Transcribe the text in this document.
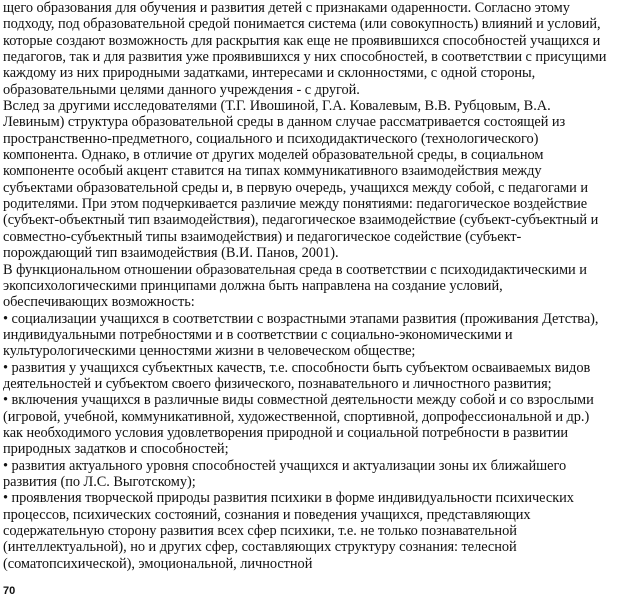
щего образования для обучения и развития детей с признаками одаренности. Согласно этому
подходу, под образовательной средой понимается система (или совокупность) влияний и условий,
которые создают возможность для раскрытия как еще не проявившихся способностей учащихся и
педагогов, так и для развития уже проявившихся у них способностей, в соответствии с присущими
каждому из них природными задатками, интересами и склонностями, с одной стороны,
образовательными целями данного учреждения - с другой.
Вслед за другими исследователями (Т.Г. Ивошиной, Г.А. Ковалевым, В.В. Рубцовым, В.А.
Левиным) структура образовательной среды в данном случае рассматривается состоящей из
пространственно-предметного, социального и психодидактического (технологического)
компонента. Однако, в отличие от других моделей образовательной среды, в социальном
компоненте особый акцент ставится на типах коммуникативного взаимодействия между
субъектами образовательной среды и, в первую очередь, учащихся между собой, с педагогами и
родителями. При этом подчеркивается различие между понятиями: педагогическое воздействие
(субъект-объектный тип взаимодействия), педагогическое взаимодействие (субъект-субъектный и
совместно-субъектный типы взаимодействия) и педагогическое содействие (субъект-
порождающий тип взаимодействия (В.И. Панов, 2001).
В функциональном отношении образовательная среда в соответствии с психодидактическими и
экопсихологическими принципами должна быть направлена на создание условий,
обеспечивающих возможность:
• социализации учащихся в соответствии с возрастными этапами развития (проживания Детства),
индивидуальными потребностями и в соответствии с социально-экономическими и
культурологическими ценностями жизни в человеческом обществе;
• развития у учащихся субъектных качеств, т.е. способности быть субъектом осваиваемых видов
деятельностей и субъектом своего физического, познавательного и личностного развития;
• включения учащихся в различные виды совместной деятельности между собой и со взрослыми
(игровой, учебной, коммуникативной, художественной, спортивной, допрофессиональной и др.)
как необходимого условия удовлетворения природной и социальной потребности в развитии
природных задатков и способностей;
• развития актуального уровня способностей учащихся и актуализации зоны их ближайшего
развития (по Л.С. Выготскому);
• проявления творческой природы развития психики в форме индивидуальности психических
процессов, психических состояний, сознания и поведения учащихся, представляющих
содержательную сторону развития всех сфер психики, т.е. не только познавательной
(интеллектуальной), но и других сфер, составляющих структуру сознания: телесной
(соматопсихической), эмоциональной, личностной
70
